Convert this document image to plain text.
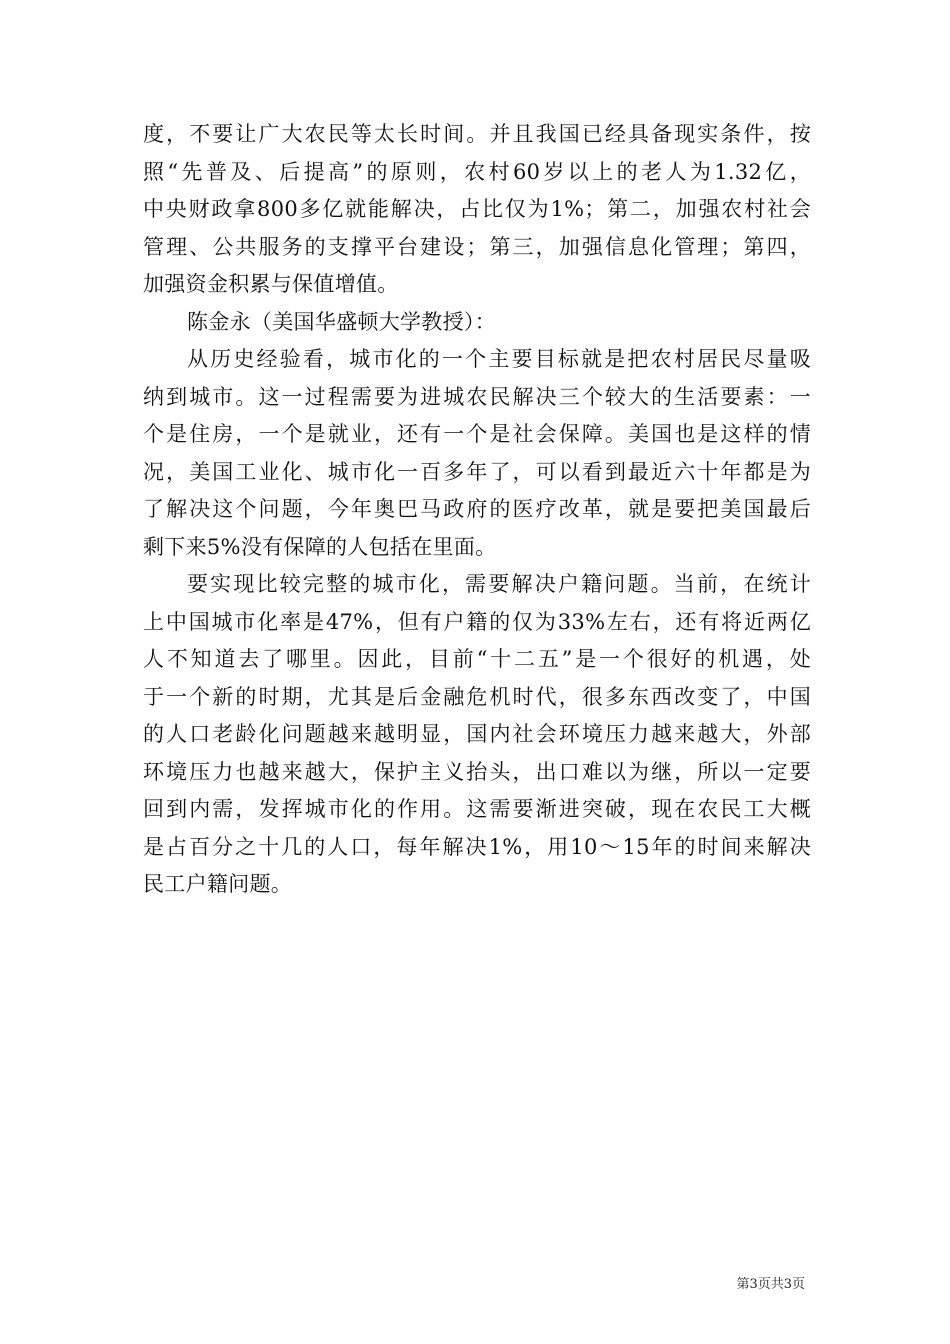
度，不要让广大农民等太长时间。并且我国已经具备现实条件，按
照“先普及、后提高”的原则，农村60岁以上的老人为1.32亿，
中央财政拿800多亿就能解决，占比仅为1%；第二，加强农村社会
管理、公共服务的支撑平台建设；第三，加强信息化管理；第四，
加强资金积累与保值增值。
陈金永（美国华盛顿大学教授）：
从历史经验看，城市化的一个主要目标就是把农村居民尽量吸
纳到城市。这一过程需要为进城农民解决三个较大的生活要素：一
个是住房，一个是就业，还有一个是社会保障。美国也是这样的情
况，美国工业化、城市化一百多年了，可以看到最近六十年都是为
了解决这个问题，今年奥巴马政府的医疗改革，就是要把美国最后
剩下来5%没有保障的人包括在里面。
要实现比较完整的城市化，需要解决户籍问题。当前，在统计
上中国城市化率是47%，但有户籍的仅为33%左右，还有将近两亿
人不知道去了哪里。因此，目前“十二五”是一个很好的机遇，处
于一个新的时期，尤其是后金融危机时代，很多东西改变了，中国
的人口老龄化问题越来越明显，国内社会环境压力越来越大，外部
环境压力也越来越大，保护主义抬头，出口难以为继，所以一定要
回到内需，发挥城市化的作用。这需要渐进突破，现在农民工大概
是占百分之十几的人口，每年解决1%，用10～15年的时间来解决
民工户籍问题。
第3页共3页
